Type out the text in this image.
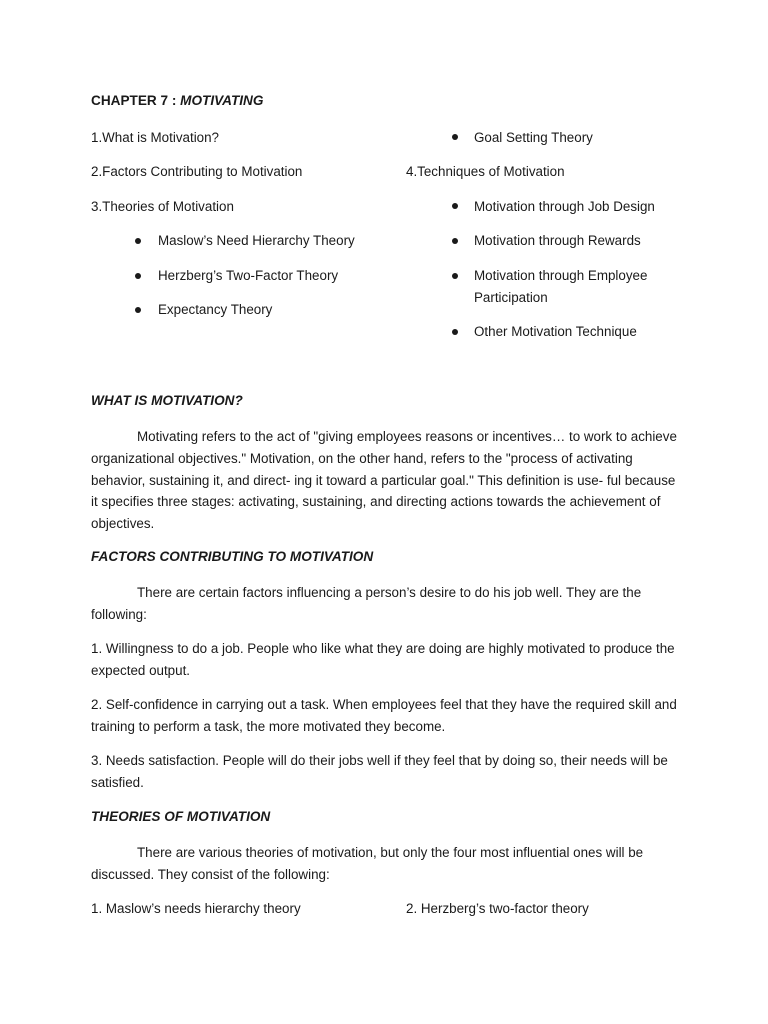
CHAPTER 7 : MOTIVATING
1.What is Motivation?
2.Factors Contributing to Motivation
3.Theories of Motivation
Maslow’s Need Hierarchy Theory
Herzberg’s Two-Factor Theory
Expectancy Theory
Goal Setting Theory
4.Techniques of Motivation
Motivation through Job Design
Motivation through Rewards
Motivation through Employee
Participation
Other Motivation Technique
WHAT IS MOTIVATION?

Motivating refers to the act of "giving employees reasons or incentives… to work to achieve organizational objectives." Motivation, on the other hand, refers to the "process of activating behavior, sustaining it, and direct- ing it toward a particular goal." This definition is use- ful because it specifies three stages: activating, sustaining, and directing actions towards the achievement of objectives.

FACTORS CONTRIBUTING TO MOTIVATION

There are certain factors influencing a person’s desire to do his job well. They are the following:

1. Willingness to do a job. People who like what they are doing are highly motivated to produce the expected output.

2. Self-confidence in carrying out a task. When employees feel that they have the required skill and training to perform a task, the more motivated they become.

3. Needs satisfaction. People will do their jobs well if they feel that by doing so, their needs will be satisfied.

THEORIES OF MOTIVATION

There are various theories of motivation, but only the four most influential ones will be discussed. They consist of the following:

1. Maslow’s needs hierarchy theory	2. Herzberg’s two-factor theory
